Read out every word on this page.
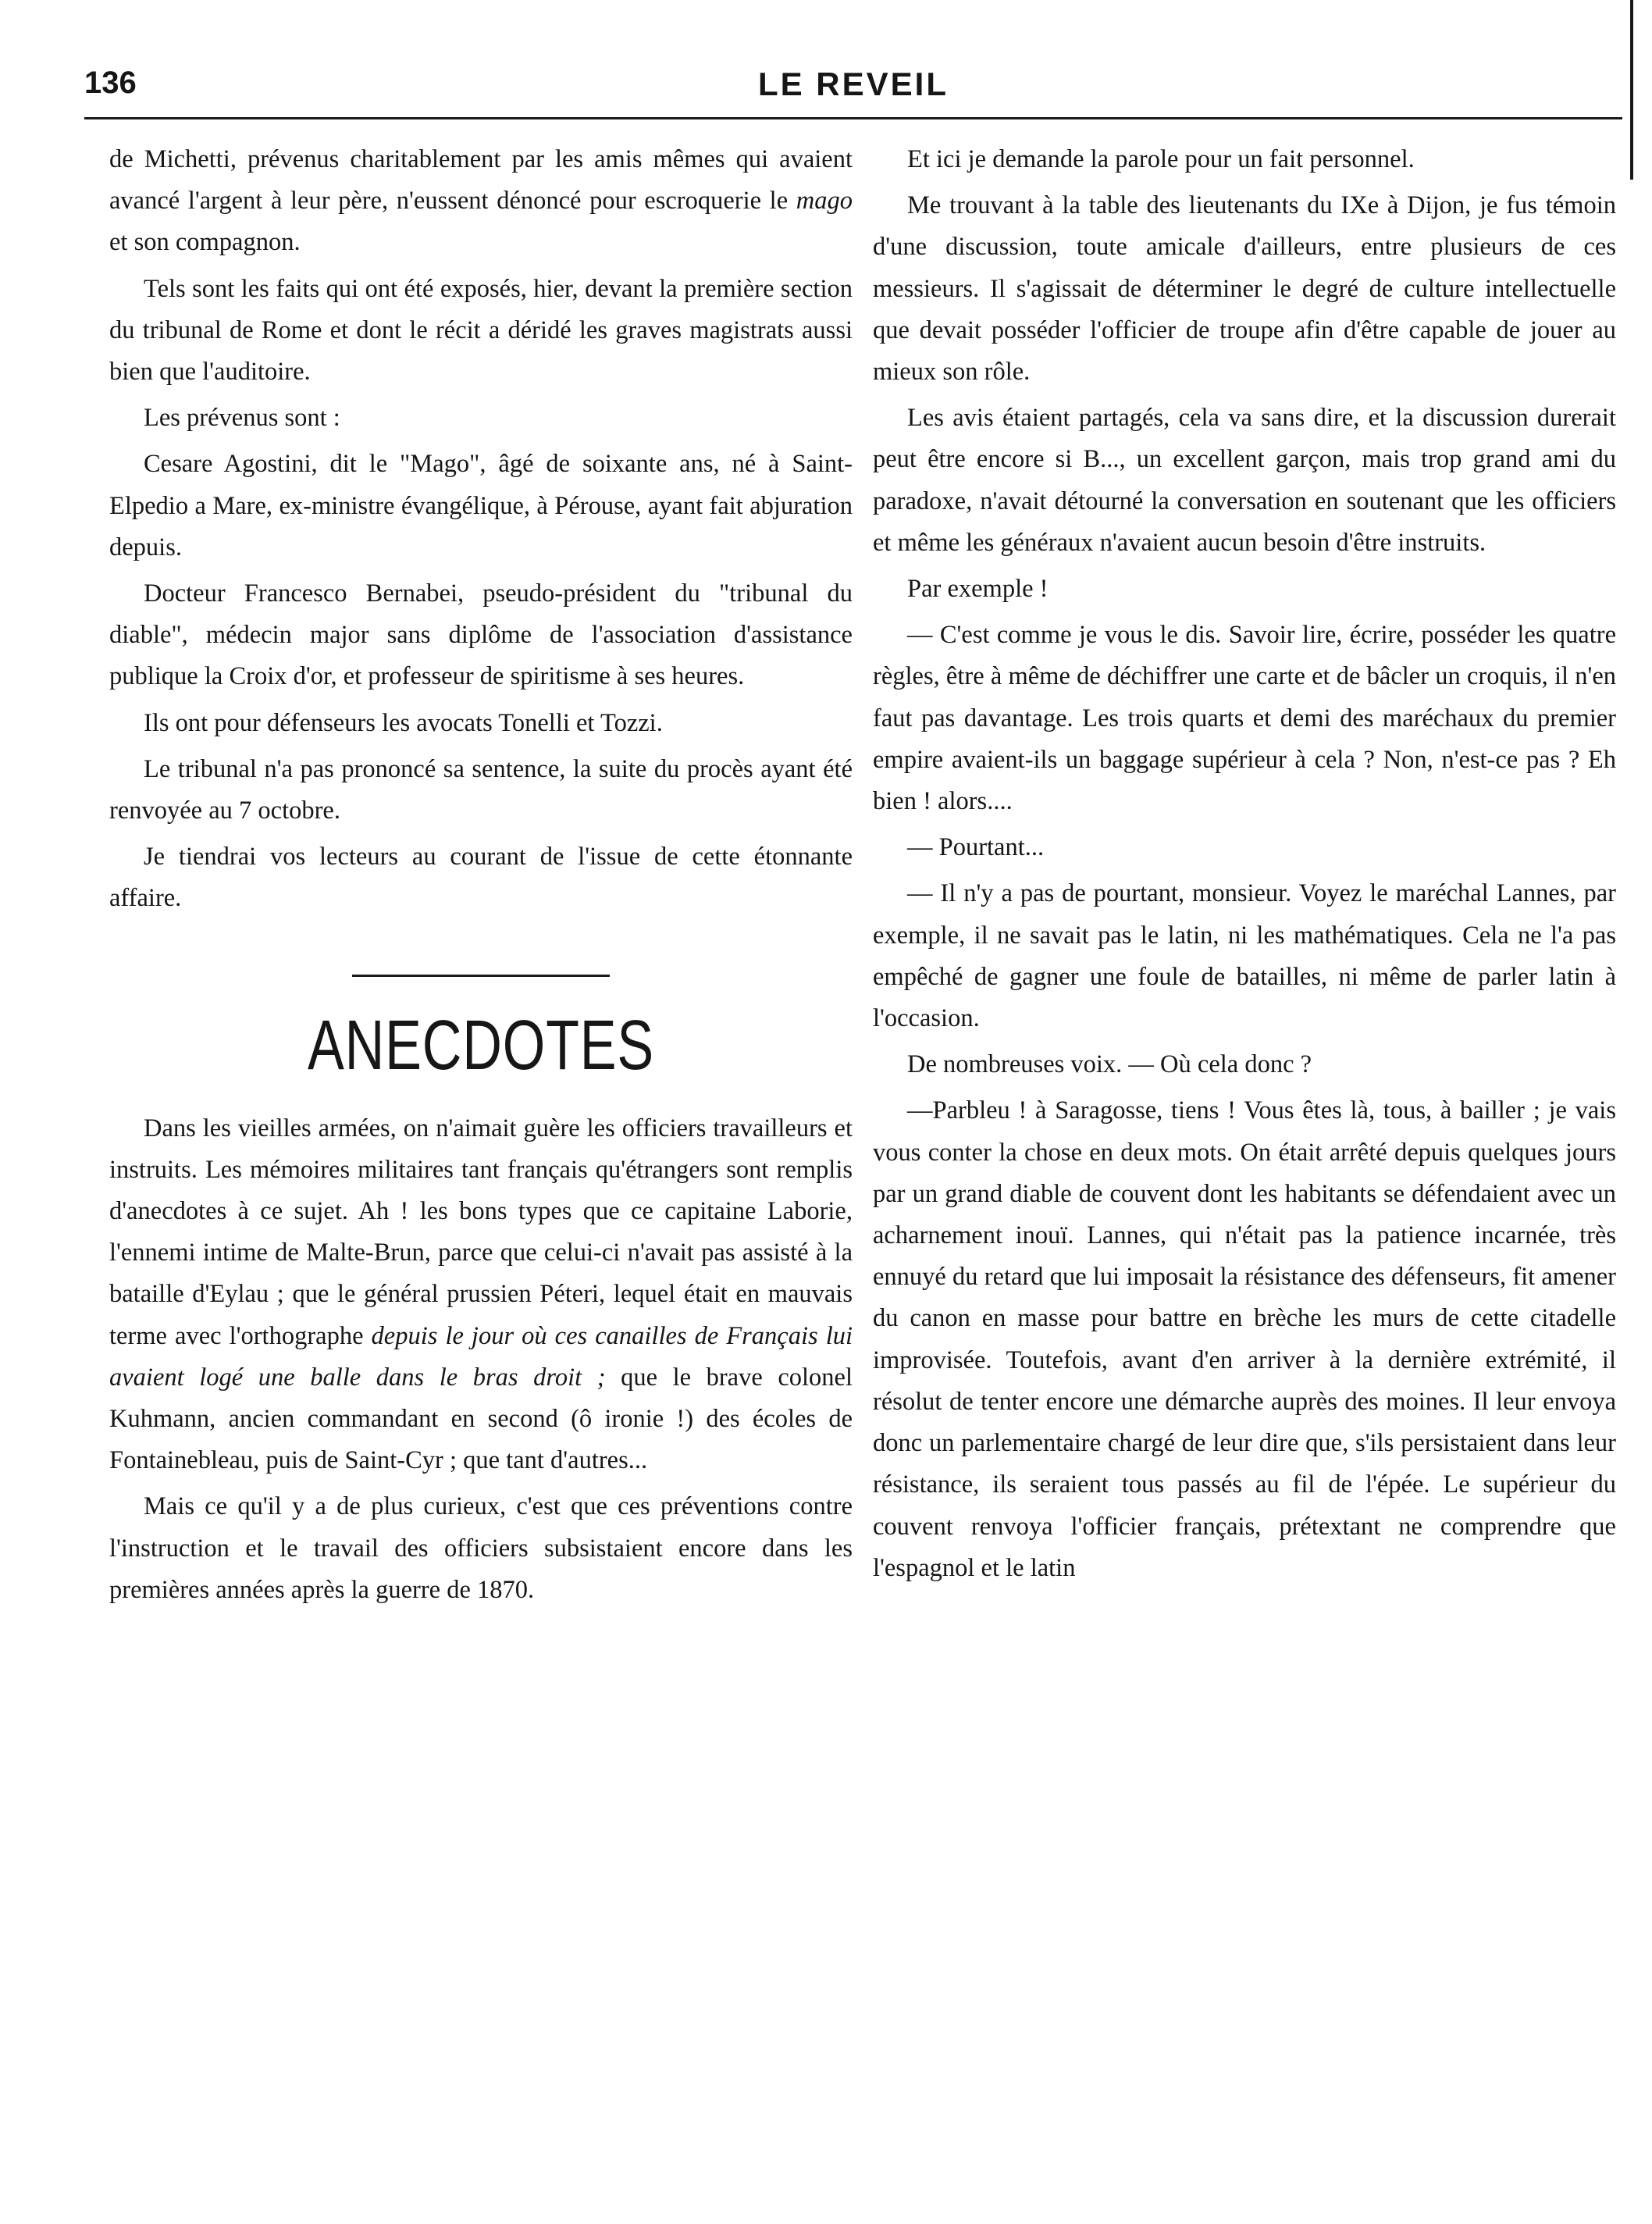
136	LE REVEIL

de Michetti, prévenus charitablement par les amis mêmes qui avaient avancé l'argent à leur père, n'eussent dénoncé pour escroquerie le mago et son compagnon.

Tels sont les faits qui ont été exposés, hier, devant la première section du tribunal de Rome et dont le récit a déridé les graves magistrats aussi bien que l'auditoire.

Les prévenus sont :

Cesare Agostini, dit le "Mago", âgé de soixante ans, né à Saint-Elpedio a Mare, ex-ministre évangélique, à Pérouse, ayant fait abjuration depuis.

Docteur Francesco Bernabei, pseudo-président du "tribunal du diable", médecin major sans diplôme de l'association d'assistance publique la Croix d'or, et professeur de spiritisme à ses heures.

Ils ont pour défenseurs les avocats Tonelli et Tozzi.

Le tribunal n'a pas prononcé sa sentence, la suite du procès ayant été renvoyée au 7 octobre.

Je tiendrai vos lecteurs au courant de l'issue de cette étonnante affaire.

ANECDOTES

Dans les vieilles armées, on n'aimait guère les officiers travailleurs et instruits. Les mémoires militaires tant français qu'étrangers sont remplis d'anecdotes à ce sujet. Ah ! les bons types que ce capitaine Laborie, l'ennemi intime de Malte-Brun, parce que celui-ci n'avait pas assisté à la bataille d'Eylau ; que le général prussien Péteri, lequel était en mauvais terme avec l'orthographe depuis le jour où ces canailles de Français lui avaient logé une balle dans le bras droit ; que le brave colonel Kuhmann, ancien commandant en second (ô ironie !) des écoles de Fontainebleau, puis de Saint-Cyr ; que tant d'autres...

Mais ce qu'il y a de plus curieux, c'est que ces préventions contre l'instruction et le travail des officiers subsistaient encore dans les premières années après la guerre de 1870.

Et ici je demande la parole pour un fait personnel.

Me trouvant à la table des lieutenants du IXe à Dijon, je fus témoin d'une discussion, toute amicale d'ailleurs, entre plusieurs de ces messieurs. Il s'agissait de déterminer le degré de culture intellectuelle que devait posséder l'officier de troupe afin d'être capable de jouer au mieux son rôle.

Les avis étaient partagés, cela va sans dire, et la discussion durerait peut être encore si B..., un excellent garçon, mais trop grand ami du paradoxe, n'avait détourné la conversation en soutenant que les officiers et même les généraux n'avaient aucun besoin d'être instruits.

Par exemple !

— C'est comme je vous le dis. Savoir lire, écrire, posséder les quatre règles, être à même de déchiffrer une carte et de bâcler un croquis, il n'en faut pas davantage. Les trois quarts et demi des maréchaux du premier empire avaient-ils un baggage supérieur à cela ? Non, n'est-ce pas ? Eh bien ! alors....

— Pourtant...

— Il n'y a pas de pourtant, monsieur. Voyez le maréchal Lannes, par exemple, il ne savait pas le latin, ni les mathématiques. Cela ne l'a pas empêché de gagner une foule de batailles, ni même de parler latin à l'occasion.

De nombreuses voix. — Où cela donc ?

—Parbleu ! à Saragosse, tiens ! Vous êtes là, tous, à bailler ; je vais vous conter la chose en deux mots. On était arrêté depuis quelques jours par un grand diable de couvent dont les habitants se défendaient avec un acharnement inouï. Lannes, qui n'était pas la patience incarnée, très ennuyé du retard que lui imposait la résistance des défenseurs, fit amener du canon en masse pour battre en brèche les murs de cette citadelle improvisée. Toutefois, avant d'en arriver à la dernière extrémité, il résolut de tenter encore une démarche auprès des moines. Il leur envoya donc un parlementaire chargé de leur dire que, s'ils persistaient dans leur résistance, ils seraient tous passés au fil de l'épée. Le supérieur du couvent renvoya l'officier français, prétextant ne comprendre que l'espagnol et le latin
